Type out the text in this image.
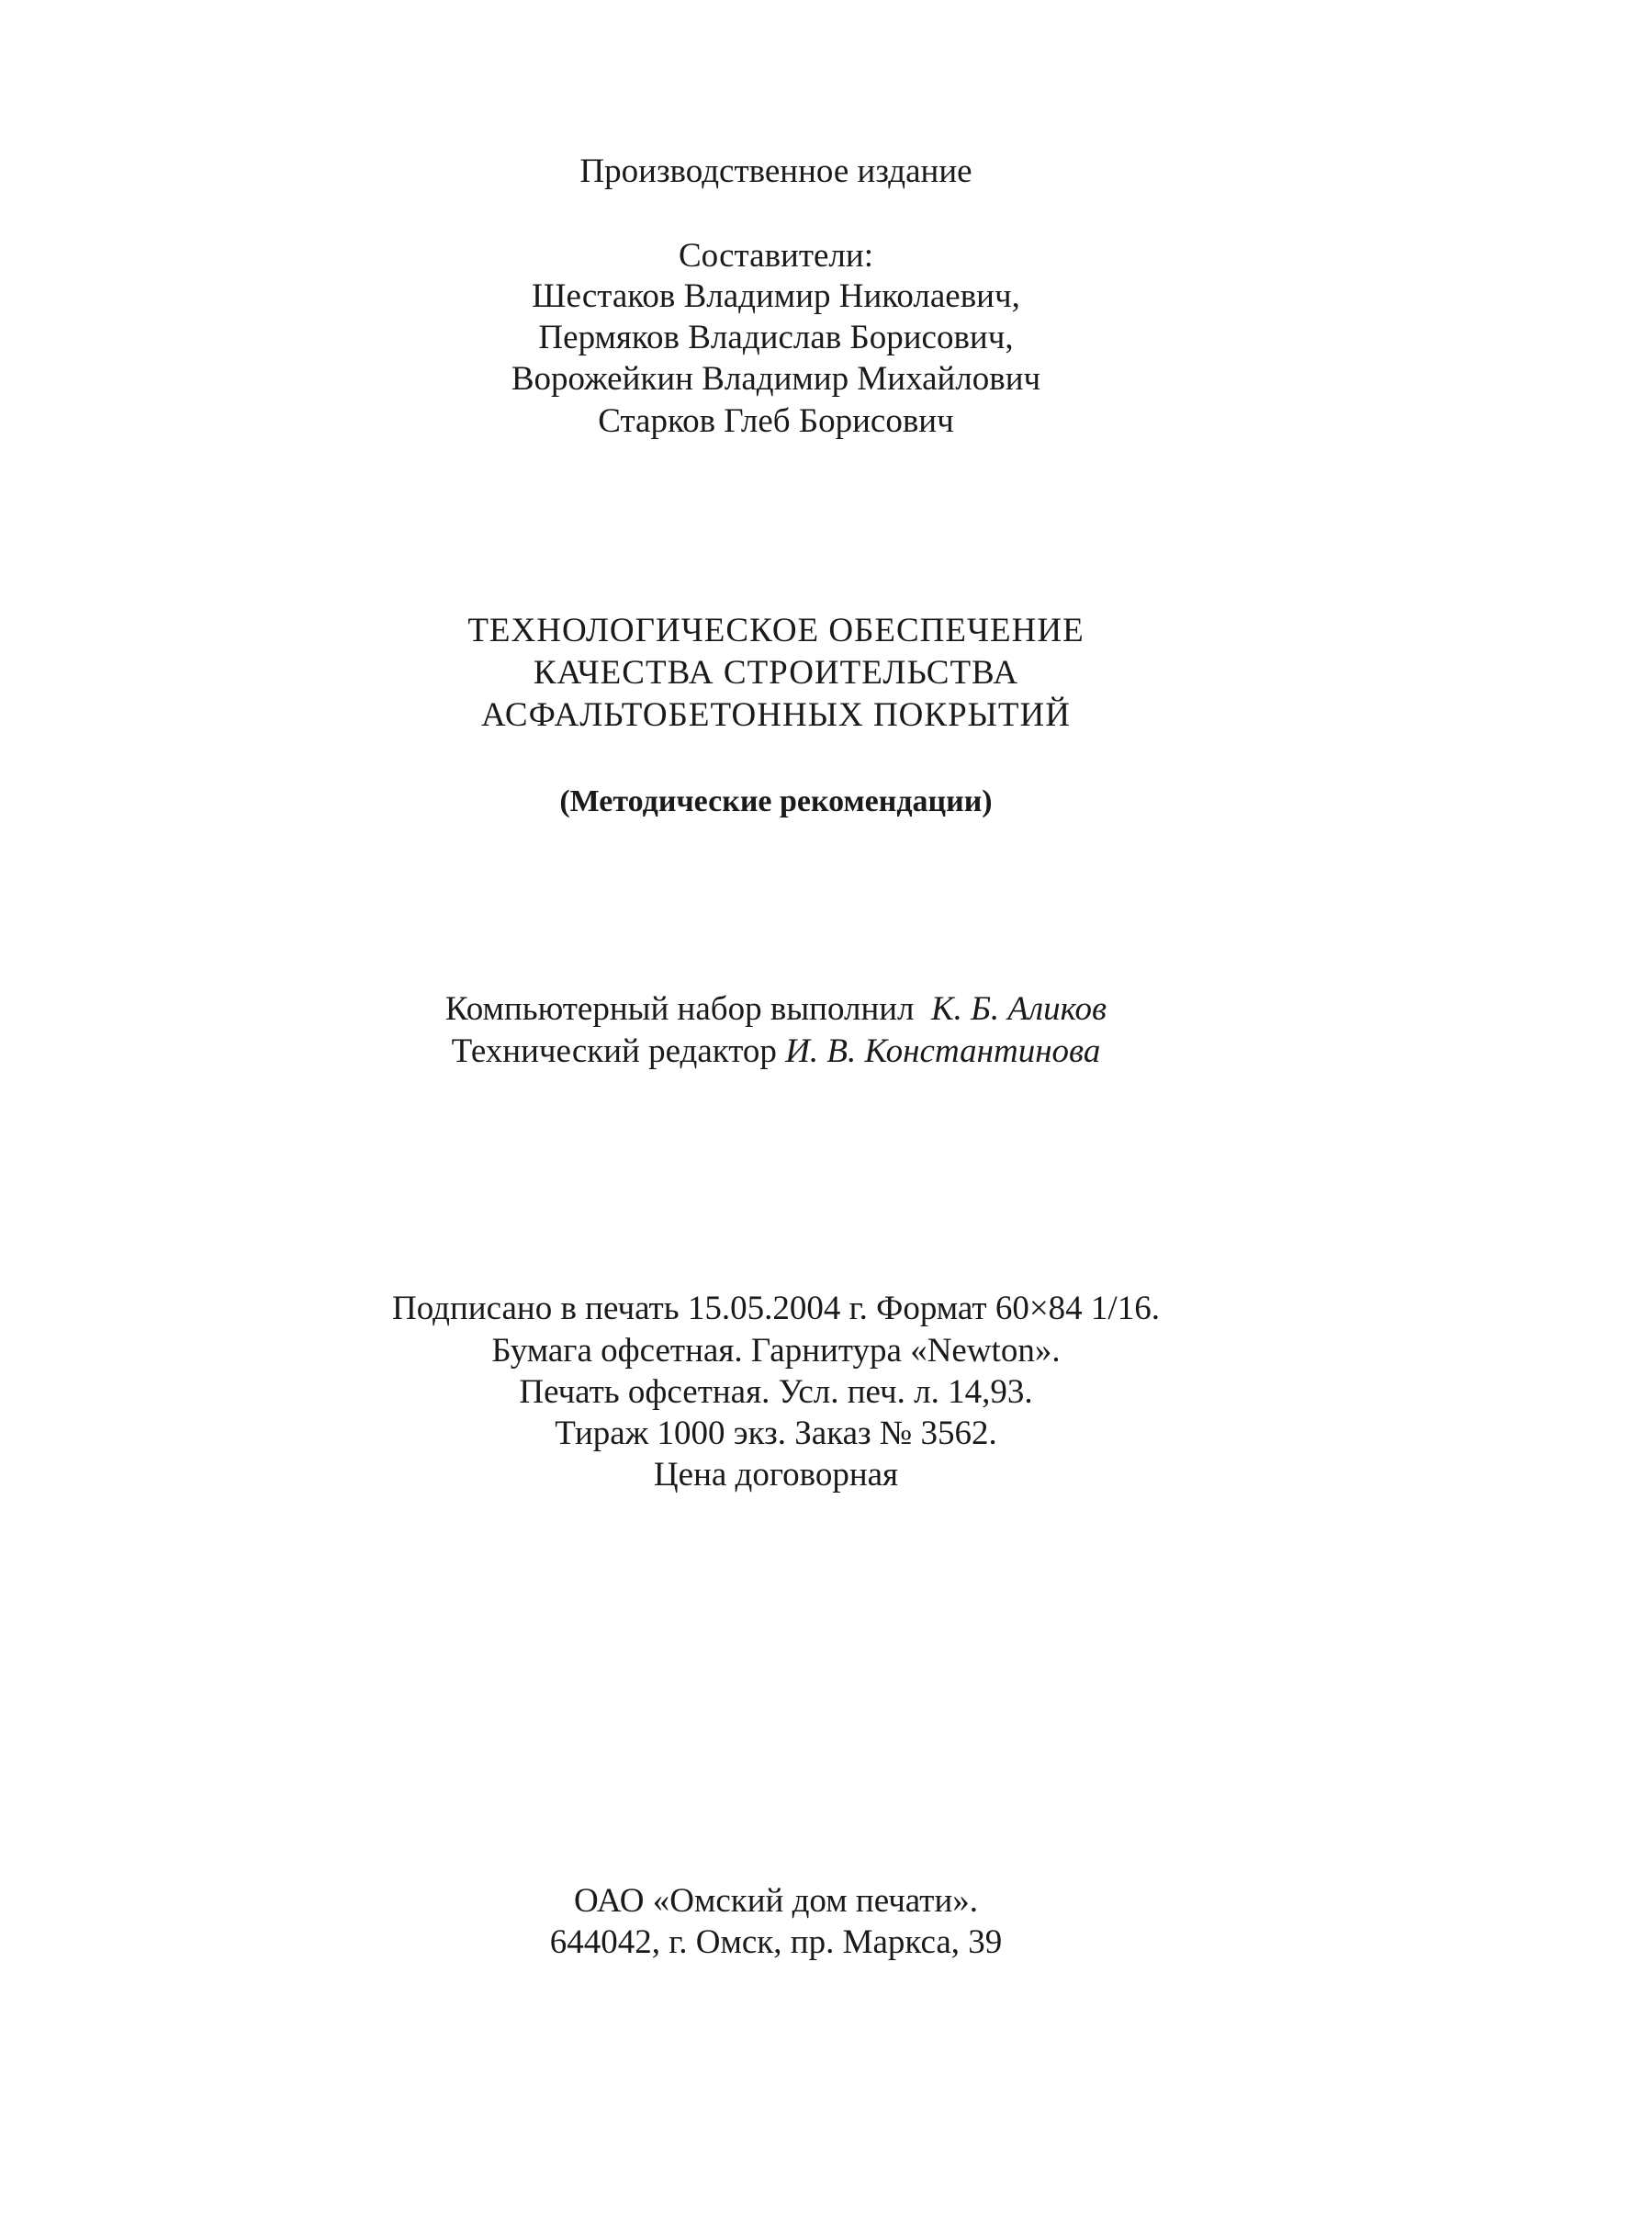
Производственное издание
Составители:
Шестаков Владимир Николаевич,
Пермяков Владислав Борисович,
Ворожейкин Владимир Михайлович
Старков Глеб Борисович
ТЕХНОЛОГИЧЕСКОЕ ОБЕСПЕЧЕНИЕ
КАЧЕСТВА СТРОИТЕЛЬСТВА
АСФАЛЬТОБЕТОННЫХ ПОКРЫТИЙ
(Методические рекомендации)
Компьютерный набор выполнил К. Б. Аликов
Технический редактор И. В. Константинова
Подписано в печать 15.05.2004 г. Формат 60×84 1/16.
Бумага офсетная. Гарнитура «Newton».
Печать офсетная. Усл. печ. л. 14,93.
Тираж 1000 экз. Заказ № 3562.
Цена договорная
ОАО «Омский дом печати».
644042, г. Омск, пр. Маркса, 39
